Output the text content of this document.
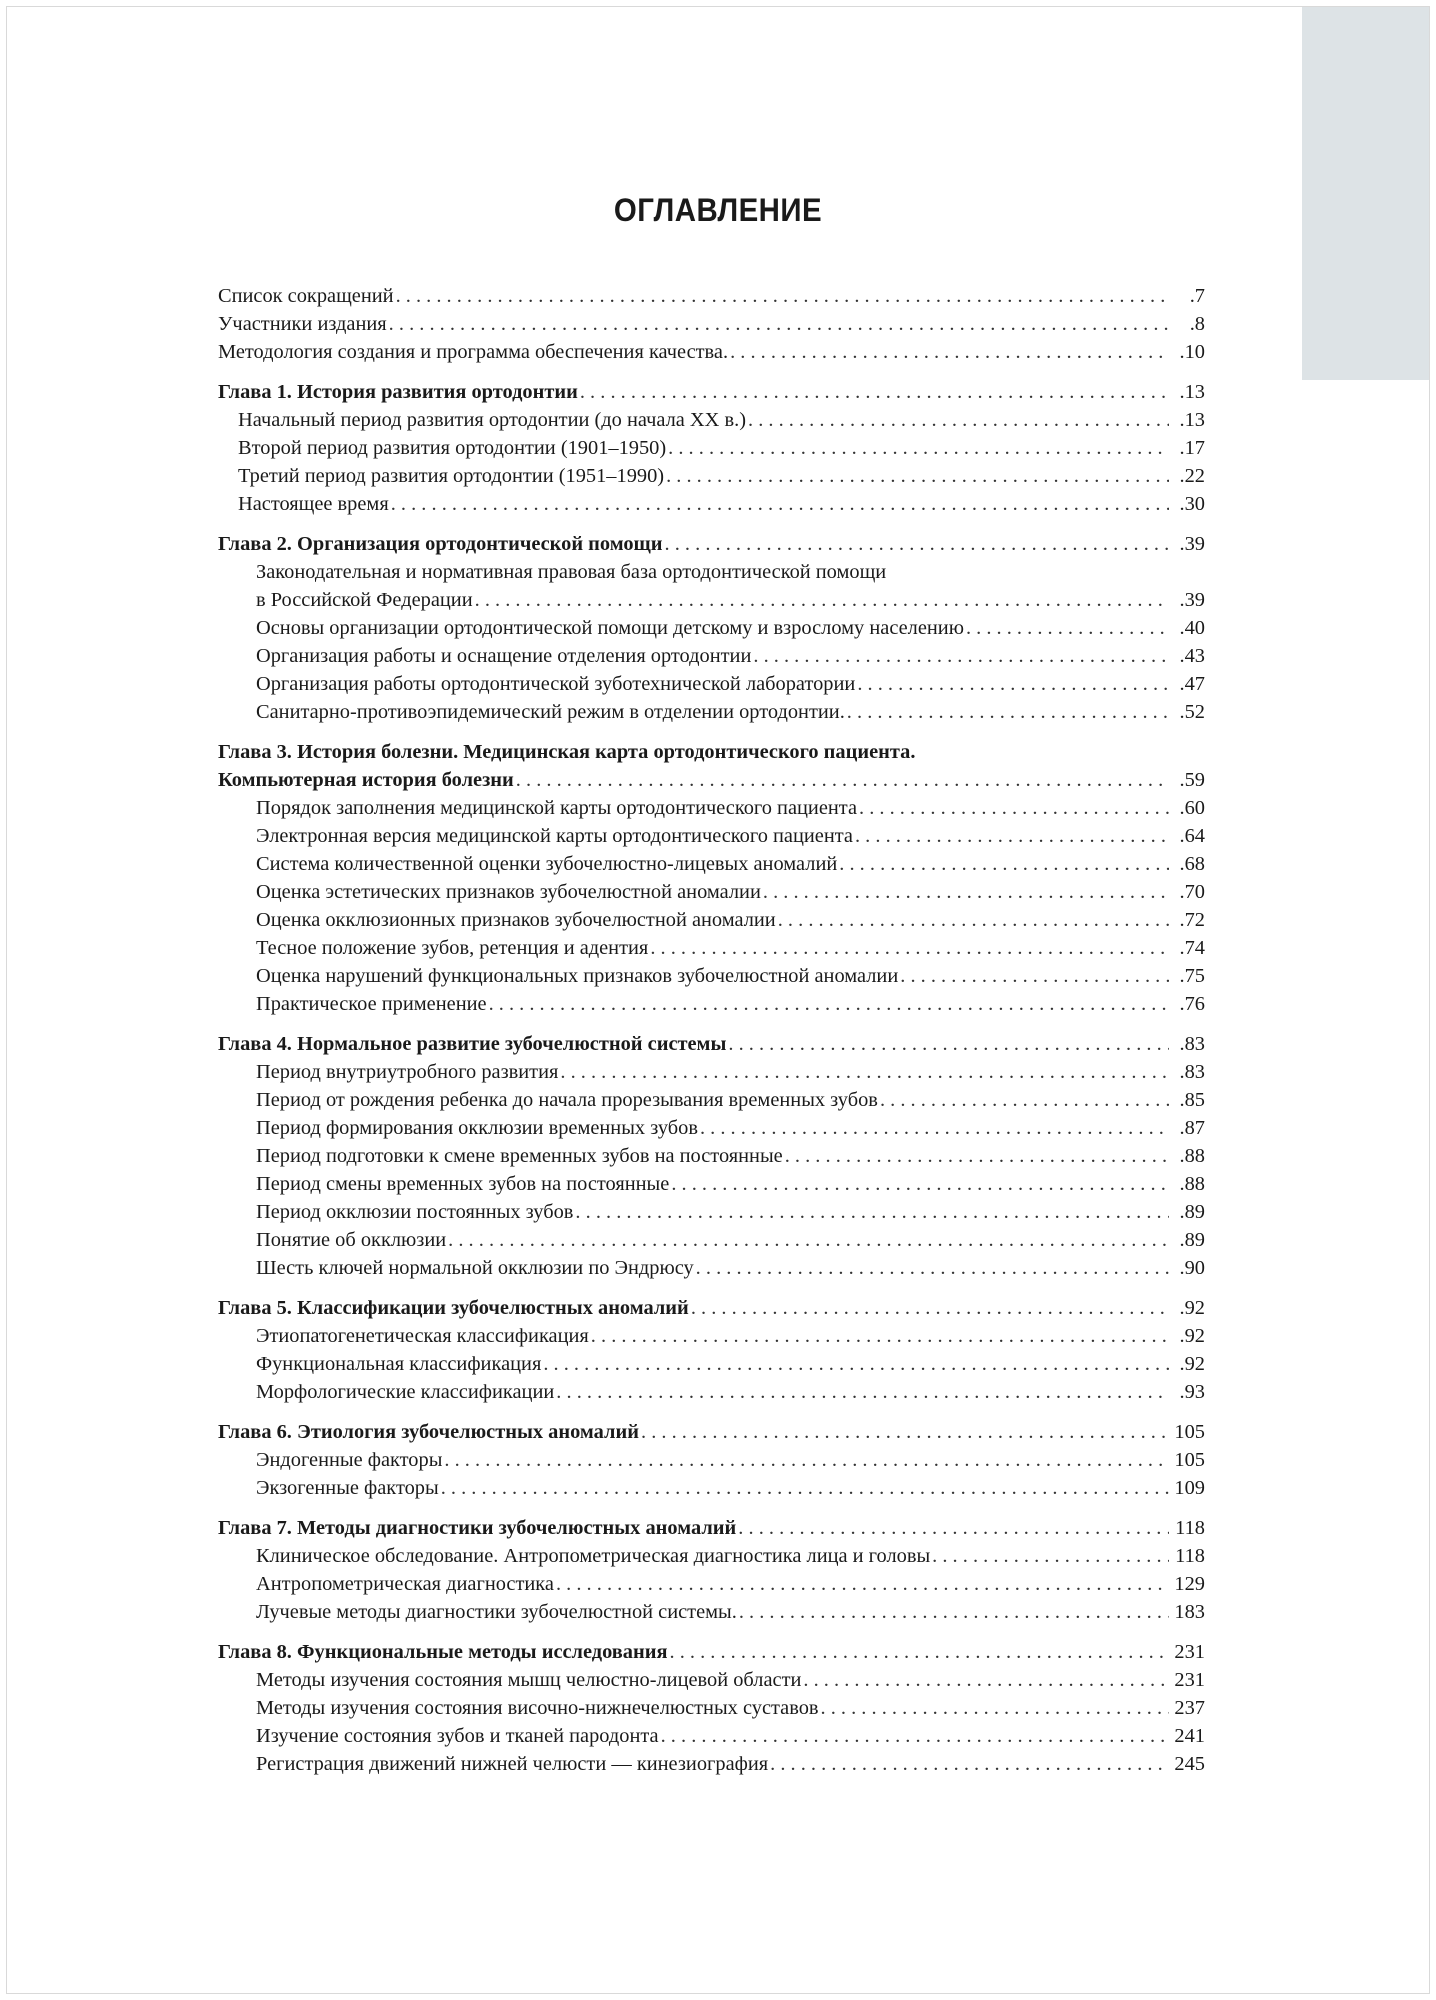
ОГЛАВЛЕНИЕ
Список сокращений . . .	.7
Участники издания . . .	.8
Методология создания и программа обеспечения качества. . . .	.10
Глава 1. История развития ортодонтии . . .	.13
Начальный период развития ортодонтии (до начала XX в.) . . .	.13
Второй период развития ортодонтии (1901–1950) . . .	.17
Третий период развития ортодонтии (1951–1990) . . .	.22
Настоящее время . . .	.30
Глава 2. Организация ортодонтической помощи . . .	.39
Законодательная и нормативная правовая база ортодонтической помощи
в Российской Федерации . . .	.39
Основы организации ортодонтической помощи детскому и взрослому населению . . .	.40
Организация работы и оснащение отделения ортодонтии . . .	.43
Организация работы ортодонтической зуботехнической лаборатории . . .	.47
Санитарно-противоэпидемический режим в отделении ортодонтии. . . .	.52
Глава 3. История болезни. Медицинская карта ортодонтического пациента.
Компьютерная история болезни . . .	.59
Порядок заполнения медицинской карты ортодонтического пациента . . .	.60
Электронная версия медицинской карты ортодонтического пациента . . .	.64
Система количественной оценки зубочелюстно-лицевых аномалий . . .	.68
Оценка эстетических признаков зубочелюстной аномалии . . .	.70
Оценка окклюзионных признаков зубочелюстной аномалии . . .	.72
Тесное положение зубов, ретенция и адентия . . .	.74
Оценка нарушений функциональных признаков зубочелюстной аномалии . . .	.75
Практическое применение . . .	.76
Глава 4. Нормальное развитие зубочелюстной системы . . .	.83
Период внутриутробного развития . . .	.83
Период от рождения ребенка до начала прорезывания временных зубов . . .	.85
Период формирования окклюзии временных зубов . . .	.87
Период подготовки к смене временных зубов на постоянные . . .	.88
Период смены временных зубов на постоянные . . .	.88
Период окклюзии постоянных зубов . . .	.89
Понятие об окклюзии . . .	.89
Шесть ключей нормальной окклюзии по Эндрюсу . . .	.90
Глава 5. Классификации зубочелюстных аномалий . . .	.92
Этиопатогенетическая классификация . . .	.92
Функциональная классификация . . .	.92
Морфологические классификации . . .	.93
Глава 6. Этиология зубочелюстных аномалий . . .	105
Эндогенные факторы . . .	105
Экзогенные факторы . . .	109
Глава 7. Методы диагностики зубочелюстных аномалий . . .	118
Клиническое обследование. Антропометрическая диагностика лица и головы . . .	118
Антропометрическая диагностика . . .	129
Лучевые методы диагностики зубочелюстной системы. . . .	183
Глава 8. Функциональные методы исследования . . .	231
Методы изучения состояния мышц челюстно-лицевой области . . .	231
Методы изучения состояния височно-нижнечелюстных суставов . . .	237
Изучение состояния зубов и тканей пародонта . . .	241
Регистрация движений нижней челюсти — кинезиография . . .	245
